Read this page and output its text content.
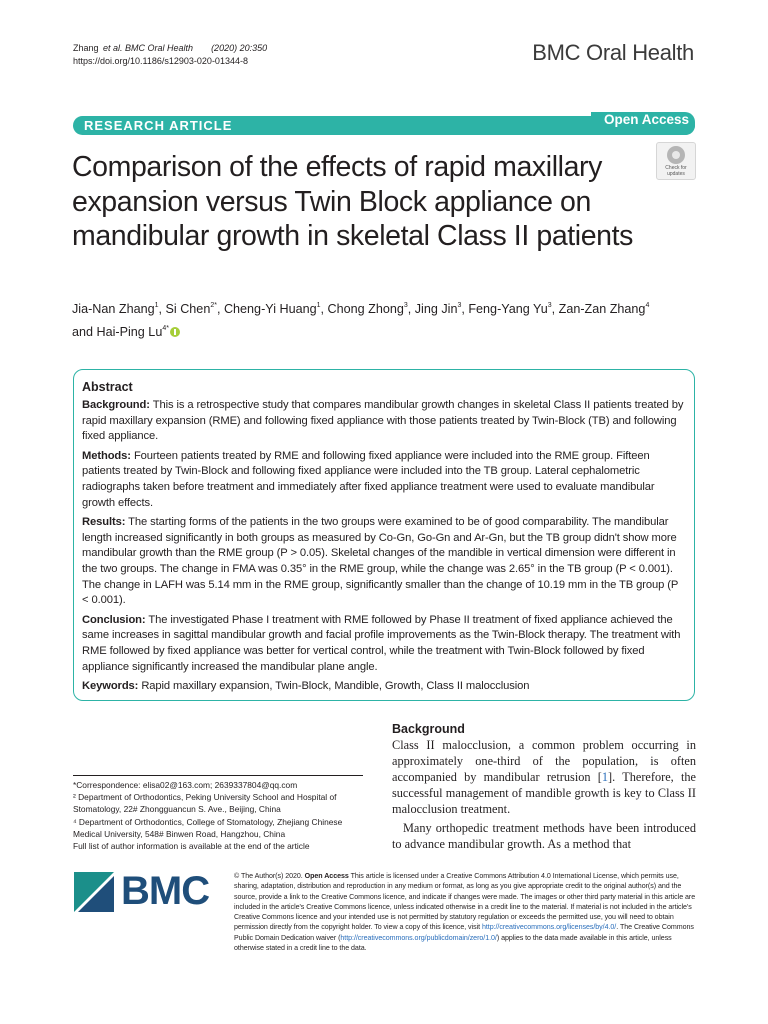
Zhang et al. BMC Oral Health (2020) 20:350
https://doi.org/10.1186/s12903-020-01344-8	BMC Oral Health
RESEARCH ARTICLE	Open Access
Check for
updates
Comparison of the effects of rapid maxillary expansion versus Twin Block appliance on mandibular growth in skeletal Class II patients
Jia-Nan Zhang$^1$, Si Chen$^{2*}$, Cheng-Yi Huang$^1$, Chong Zhong$^3$, Jing Jin$^3$, Feng-Yang Yu$^3$, Zan-Zan Zhang$^4$
and Hai-Ping $Lu^{4*}$
Abstract

Background: This is a retrospective study that compares mandibular growth changes in skeletal Class II patients treated by rapid maxillary expansion (RME) and following fixed appliance with those patients treated by Twin-Block (TB) and following fixed appliance.

Methods: Fourteen patients treated by RME and following fixed appliance were included into the RME group. Fifteen patients treated by Twin-Block and following fixed appliance were included into the TB group. Lateral cephalometric radiographs taken before treatment and immediately after fixed appliance treatment were used to evaluate mandibular growth effects.

Results: The starting forms of the patients in the two groups were examined to be of good comparability. The mandibular length increased significantly in both groups as measured by Co-Gn, Go-Gn and Ar-Gn, but the TB group didn't show more mandibular growth than the RME group (P > 0.05). Skeletal changes of the mandible in vertical dimension were different in the two groups. The change in FMA was 0.35° in the RME group, while the change was 2.65° in the TB group (P < 0.001). The change in LAFH was 5.14 mm in the RME group, significantly smaller than the change of 10.19 mm in the TB group (P < 0.001).

Conclusion: The investigated Phase I treatment with RME followed by Phase II treatment of fixed appliance achieved the same increases in sagittal mandibular growth and facial profile improvements as the Twin-Block therapy. The treatment with RME followed by fixed appliance was better for vertical control, while the treatment with Twin-Block followed by fixed appliance significantly increased the mandibular plane angle.

Keywords: Rapid maxillary expansion, Twin-Block, Mandible, Growth, Class II malocclusion

Background

Class II malocclusion, a common problem occurring in approximately one-third of the population, is often accompanied by mandibular retrusion [1]. Therefore, the successful management of mandible growth is key to Class II malocclusion treatment.

Many orthopedic treatment methods have been introduced to advance mandibular growth. As a method that

*Correspondence: elisa02@163.com; 2639337804@qq.com
² Department of Orthodontics, Peking University School and Hospital of Stomatology, 22# Zhongguancun S. Ave., Beijing, China
⁴ Department of Orthodontics, College of Stomatology, Zhejiang Chinese Medical University, 548# Binwen Road, Hangzhou, China
Full list of author information is available at the end of the article
BMC	© The Author(s) 2020. Open Access This article is licensed under a Creative Commons Attribution 4.0 International License, which permits use, sharing, adaptation, distribution and reproduction in any medium or format, as long as you give appropriate credit to the original author(s) and the source, provide a link to the Creative Commons licence, and indicate if changes were made. The images or other third party material in this article are included in the article's Creative Commons licence, unless indicated otherwise in a credit line to the material. If material is not included in the article's Creative Commons licence and your intended use is not permitted by statutory regulation or exceeds the permitted use, you will need to obtain permission directly from the copyright holder. To view a copy of this licence, visit http://creativecommons.org/licenses/by/4.0/. The Creative Commons Public Domain Dedication waiver (http://creativecommons.org/publicdomain/zero/1.0/) applies to the data made available in this article, unless otherwise stated in a credit line to the data.
